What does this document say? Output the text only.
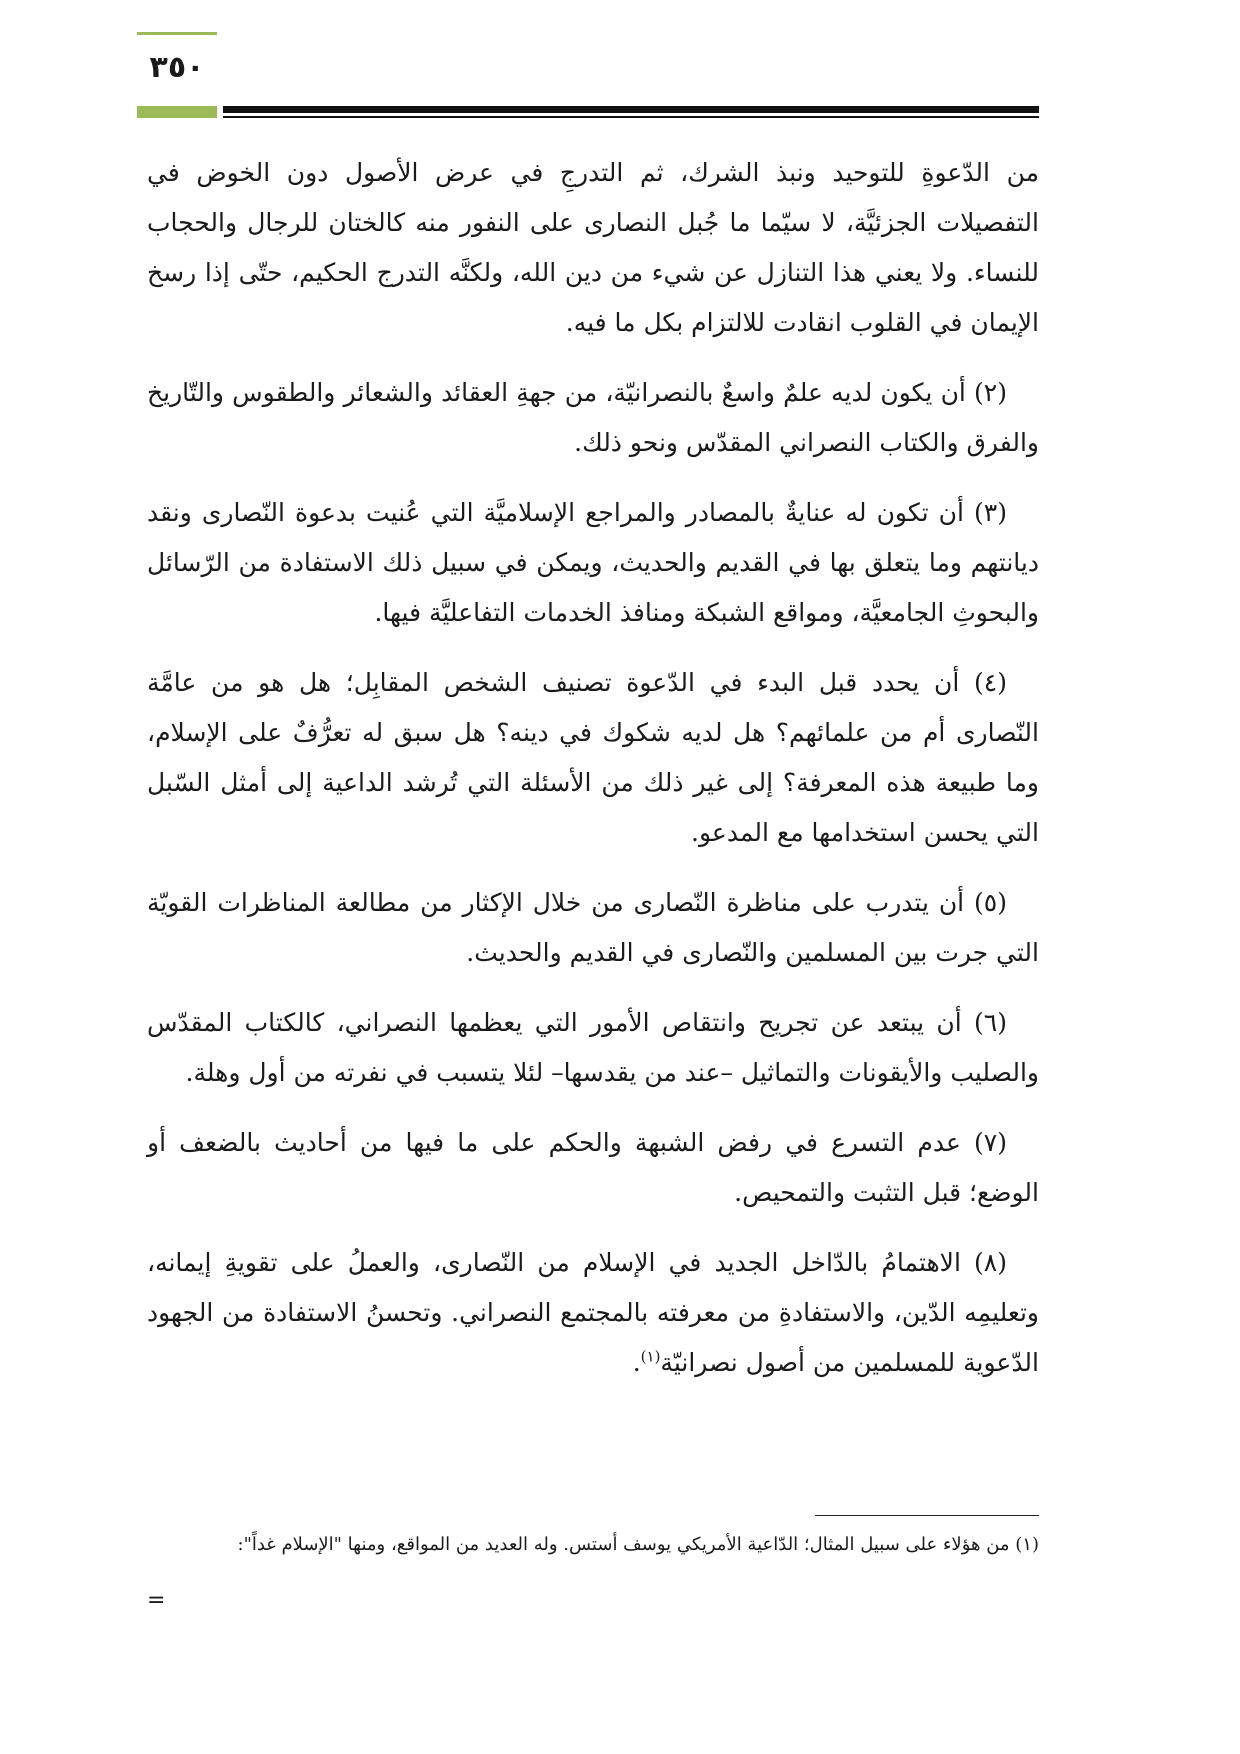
٣٥٠

من الدّعوةِ للتوحيد ونبذ الشرك، ثم التدرجِ في عرض الأصول دون الخوض في التفصيلات الجزئيَّة، لا سيّما ما جُبل النصارى على النفور منه كالختان للرجال والحجاب للنساء. ولا يعني هذا التنازل عن شيء من دين الله، ولكنَّه التدرج الحكيم، حتّى إذا رسخ الإيمان في القلوب انقادت للالتزام بكل ما فيه.

(٢) أن يكون لديه علمٌ واسعٌ بالنصرانيّة، من جهةِ العقائد والشعائر والطقوس والتّاريخ والفرق والكتاب النصراني المقدّس ونحو ذلك.

(٣) أن تكون له عنايةٌ بالمصادر والمراجع الإسلاميَّة التي عُنيت بدعوة النّصارى ونقد ديانتهم وما يتعلق بها في القديم والحديث، ويمكن في سبيل ذلك الاستفادة من الرّسائل والبحوثِ الجامعيَّة، ومواقع الشبكة ومنافذ الخدمات التفاعليَّة فيها.

(٤) أن يحدد قبل البدء في الدّعوة تصنيف الشخص المقابِل؛ هل هو من عامَّة النّصارى أم من علمائهم؟ هل لديه شكوك في دينه؟ هل سبق له تعرُّفٌ على الإسلام، وما طبيعة هذه المعرفة؟ إلى غير ذلك من الأسئلة التي تُرشد الداعية إلى أمثل السّبل التي يحسن استخدامها مع المدعو.

(٥) أن يتدرب على مناظرة النّصارى من خلال الإكثار من مطالعة المناظرات القويّة التي جرت بين المسلمين والنّصارى في القديم والحديث.

(٦) أن يبتعد عن تجريح وانتقاص الأمور التي يعظمها النصراني، كالكتاب المقدّس والصليب والأيقونات والتماثيل –عند من يقدسها– لئلا يتسبب في نفرته من أول وهلة.

(٧) عدم التسرع في رفض الشبهة والحكم على ما فيها من أحاديث بالضعف أو الوضع؛ قبل التثبت والتمحيص.

(٨) الاهتمامُ بالدّاخل الجديد في الإسلام من النّصارى، والعملُ على تقويةِ إيمانه، وتعليمِه الدّين، والاستفادةِ من معرفته بالمجتمع النصراني. وتحسنُ الاستفادة من الجهود الدّعوية للمسلمين من أصول نصرانيّة$^{(١)}$.

(١) من هؤلاء على سبيل المثال؛ الدّاعية الأمريكي يوسف أستس. وله العديد من المواقع، ومنها "الإسلام غداً":
=
